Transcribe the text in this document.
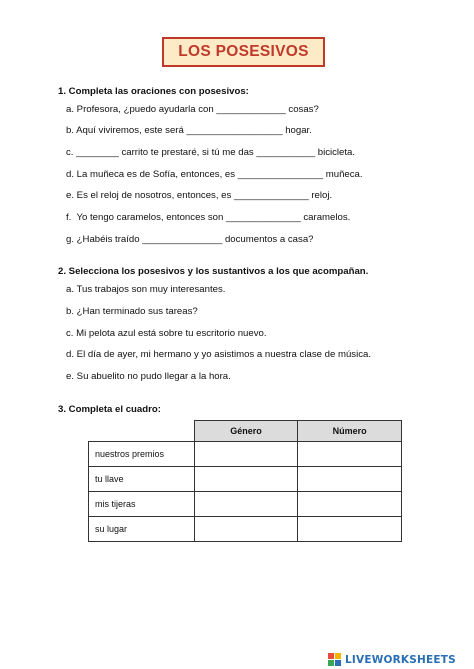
LOS POSESIVOS
1. Completa las oraciones con posesivos:
a. Profesora, ¿puedo ayudarla con _____________ cosas?
b. Aquí viviremos, este será __________________ hogar.
c. ________ carrito te prestaré, si tú me das ___________ bicicleta.
d. La muñeca es de Sofía, entonces, es ________________ muñeca.
e. Es el reloj de nosotros, entonces, es ______________ reloj.
f.  Yo tengo caramelos, entonces son ______________ caramelos.
g. ¿Habéis traído _______________ documentos a casa?
2. Selecciona los posesivos y los sustantivos a los que acompañan.
a. Tus trabajos son muy interesantes.
b. ¿Han terminado sus tareas?
c. Mi pelota azul está sobre tu escritorio nuevo.
d. El día de ayer, mi hermano y yo asistimos a nuestra clase de música.
e. Su abuelito no pudo llegar a la hora.
3. Completa el cuadro:
	Género	Número
nuestros premios		
tu llave		
mis tijeras		
su lugar		
LIVEWORKSHEETS
